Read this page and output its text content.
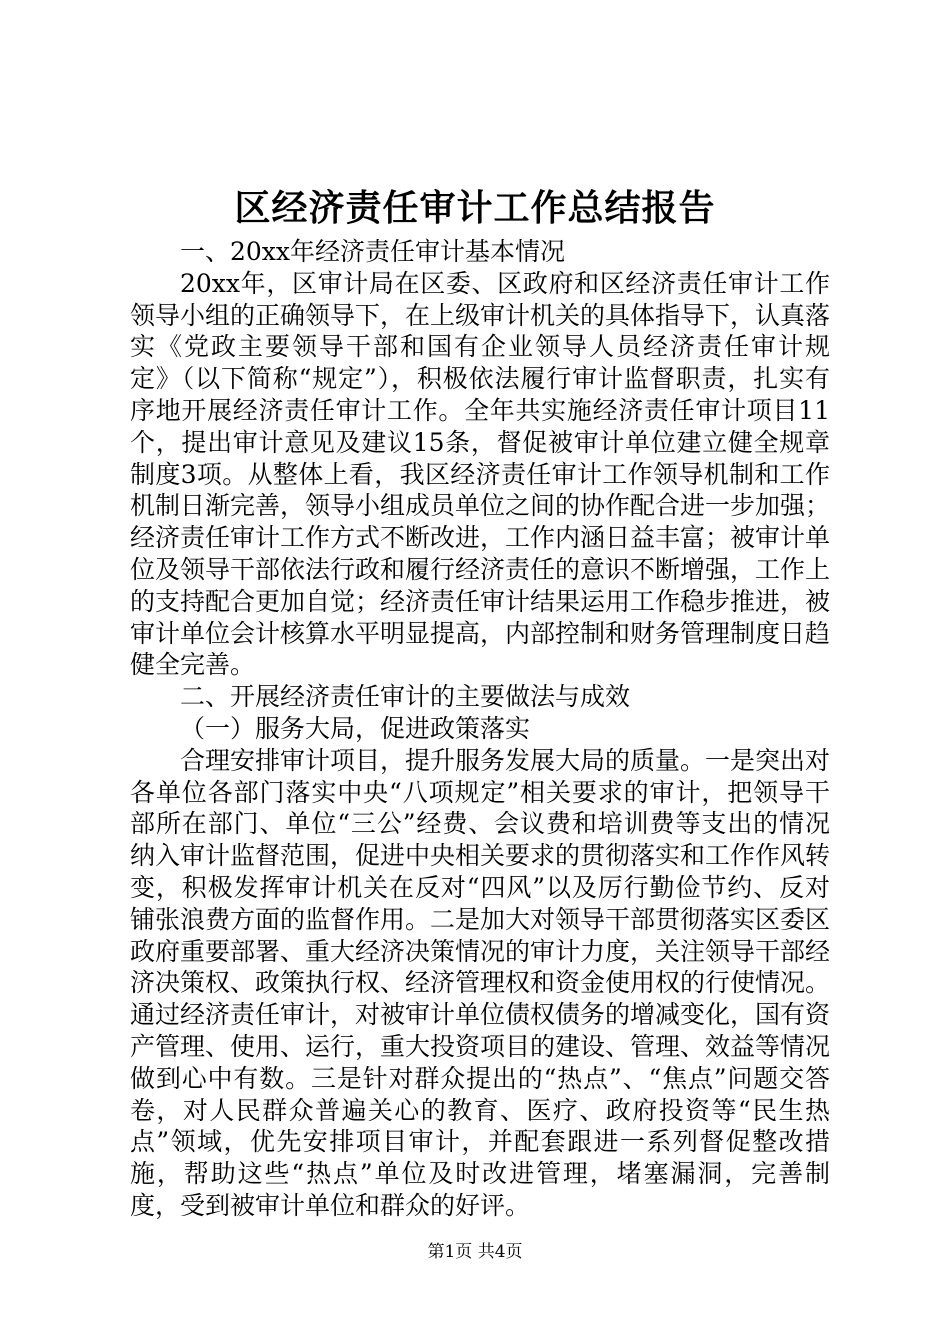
区经济责任审计工作总结报告

一、20xx年经济责任审计基本情况

20xx年，区审计局在区委、区政府和区经济责任审计工作领导小组的正确领导下，在上级审计机关的具体指导下，认真落实《党政主要领导干部和国有企业领导人员经济责任审计规定》（以下简称“规定”），积极依法履行审计监督职责，扎实有序地开展经济责任审计工作。全年共实施经济责任审计项目11个，提出审计意见及建议15条，督促被审计单位建立健全规章制度3项。从整体上看，我区经济责任审计工作领导机制和工作机制日渐完善，领导小组成员单位之间的协作配合进一步加强；经济责任审计工作方式不断改进，工作内涵日益丰富；被审计单位及领导干部依法行政和履行经济责任的意识不断增强，工作上的支持配合更加自觉；经济责任审计结果运用工作稳步推进，被审计单位会计核算水平明显提高，内部控制和财务管理制度日趋健全完善。

二、开展经济责任审计的主要做法与成效

（一）服务大局，促进政策落实

合理安排审计项目，提升服务发展大局的质量。一是突出对各单位各部门落实中央“八项规定”相关要求的审计，把领导干部所在部门、单位“三公”经费、会议费和培训费等支出的情况纳入审计监督范围，促进中央相关要求的贯彻落实和工作作风转变，积极发挥审计机关在反对“四风”以及厉行勤俭节约、反对铺张浪费方面的监督作用。二是加大对领导干部贯彻落实区委区政府重要部署、重大经济决策情况的审计力度，关注领导干部经济决策权、政策执行权、经济管理权和资金使用权的行使情况。通过经济责任审计，对被审计单位债权债务的增减变化，国有资产管理、使用、运行，重大投资项目的建设、管理、效益等情况做到心中有数。三是针对群众提出的“热点”、“焦点”问题交答卷，对人民群众普遍关心的教育、医疗、政府投资等“民生热点”领域，优先安排项目审计，并配套跟进一系列督促整改措施，帮助这些“热点”单位及时改进管理，堵塞漏洞，完善制度，受到被审计单位和群众的好评。

第1页 共4页
